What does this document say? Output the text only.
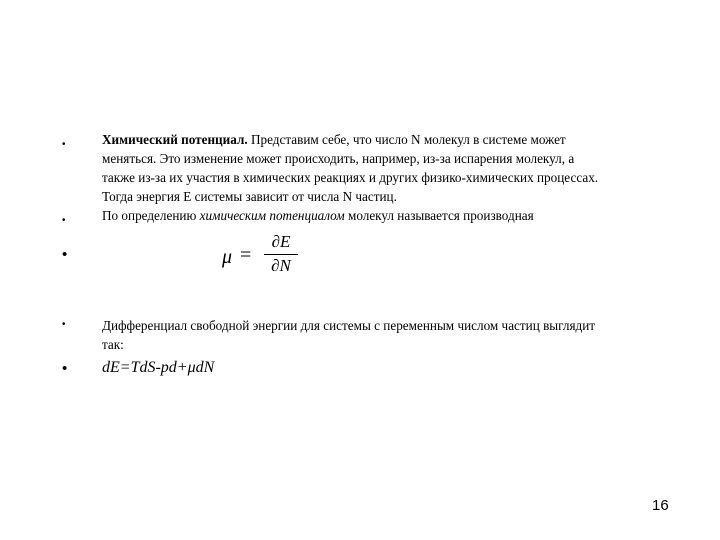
•	Химический потенциал. Представим себе, что число N молекул в системе может
меняться. Это изменение может происходить, например, из-за испарения молекул, а
также из-за их участия в химических реакциях и других физико-химических процессах.
Тогда энергия E системы зависит от числа N частиц.
•	По определению химическим потенциалом молекул называется производная
•	μ =
∂E
∂N
•	Дифференциал свободной энергии для системы с переменным числом частиц выглядит
так:
• dE=TdS-pd+μdN
16
